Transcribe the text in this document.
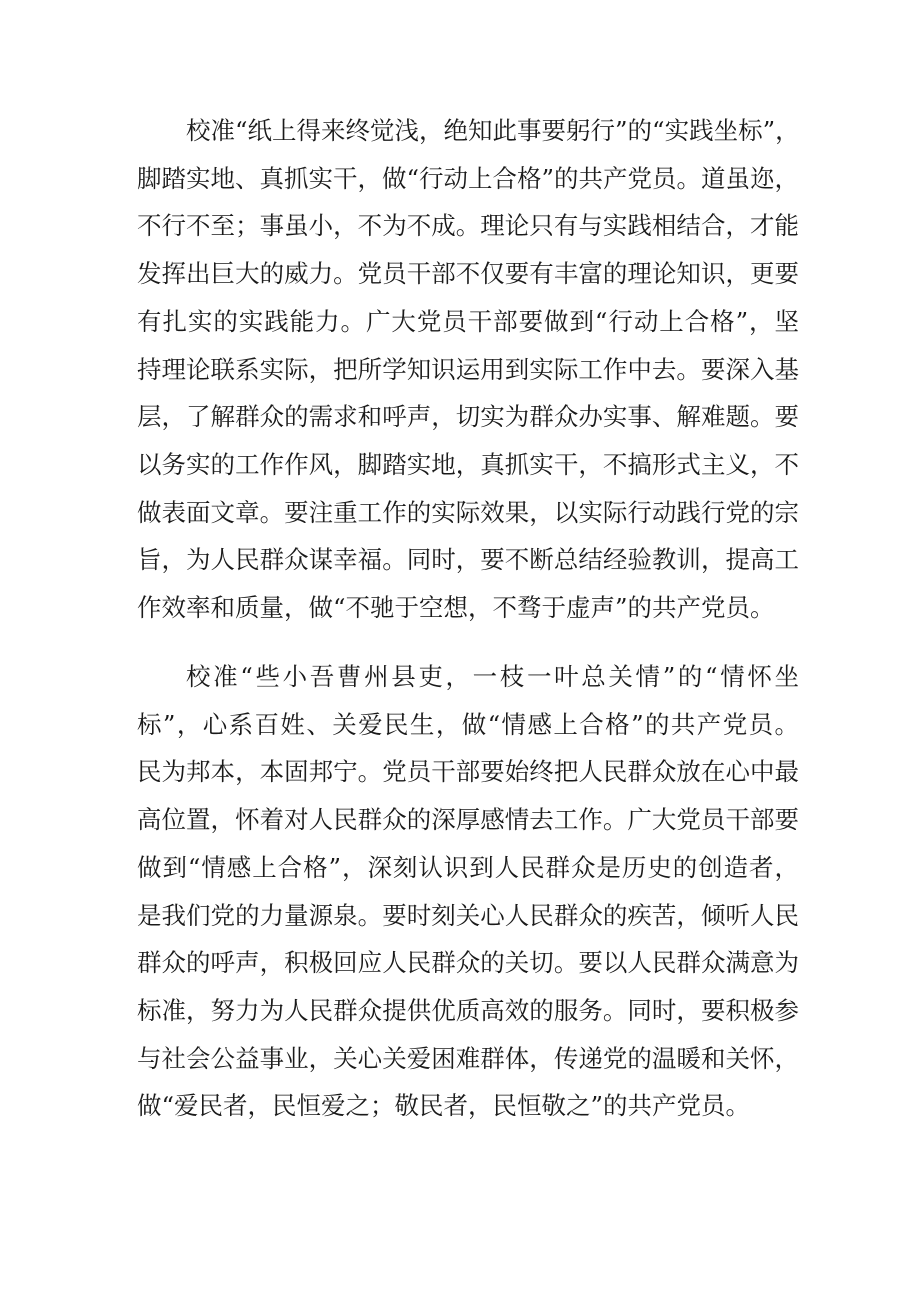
校准“纸上得来终觉浅，绝知此事要躬行”的“实践坐标”，
脚踏实地、真抓实干，做“行动上合格”的共产党员。道虽迩，
不行不至；事虽小，不为不成。理论只有与实践相结合，才能
发挥出巨大的威力。党员干部不仅要有丰富的理论知识，更要
有扎实的实践能力。广大党员干部要做到“行动上合格”，坚
持理论联系实际，把所学知识运用到实际工作中去。要深入基
层，了解群众的需求和呼声，切实为群众办实事、解难题。要
以务实的工作作风，脚踏实地，真抓实干，不搞形式主义，不
做表面文章。要注重工作的实际效果，以实际行动践行党的宗
旨，为人民群众谋幸福。同时，要不断总结经验教训，提高工
作效率和质量，做“不驰于空想，不骛于虚声”的共产党员。
校准“些小吾曹州县吏，一枝一叶总关情”的“情怀坐
标”，心系百姓、关爱民生，做“情感上合格”的共产党员。
民为邦本，本固邦宁。党员干部要始终把人民群众放在心中最
高位置，怀着对人民群众的深厚感情去工作。广大党员干部要
做到“情感上合格”，深刻认识到人民群众是历史的创造者，
是我们党的力量源泉。要时刻关心人民群众的疾苦，倾听人民
群众的呼声，积极回应人民群众的关切。要以人民群众满意为
标准，努力为人民群众提供优质高效的服务。同时，要积极参
与社会公益事业，关心关爱困难群体，传递党的温暖和关怀，
做“爱民者，民恒爱之；敬民者，民恒敬之”的共产党员。
